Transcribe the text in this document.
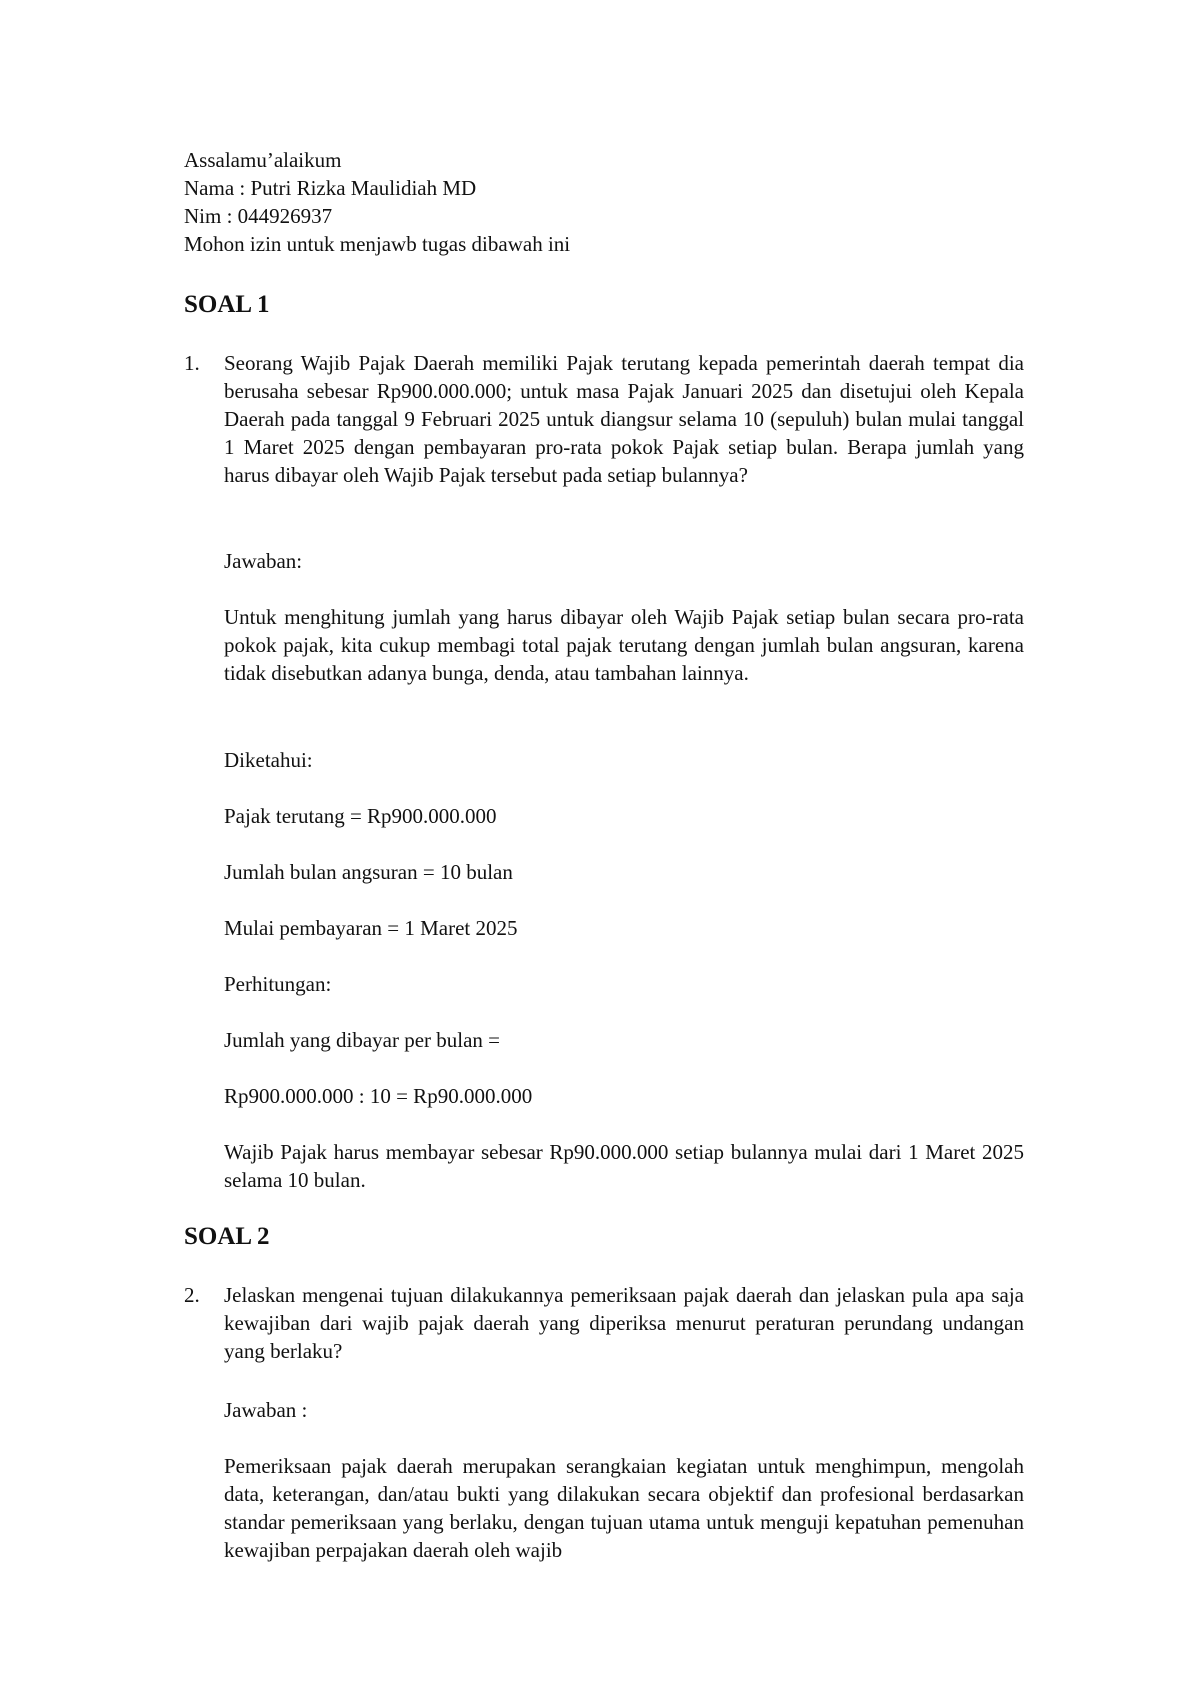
Assalamu’alaikum

Nama : Putri Rizka Maulidiah MD

Nim : 044926937

Mohon izin untuk menjawb tugas dibawah ini

SOAL 1
1. Seorang Wajib Pajak Daerah memiliki Pajak terutang kepada pemerintah daerah tempat dia berusaha sebesar Rp900.000.000; untuk masa Pajak Januari 2025 dan disetujui oleh Kepala Daerah pada tanggal 9 Februari 2025 untuk diangsur selama 10 (sepuluh) bulan mulai tanggal 1 Maret 2025 dengan pembayaran pro-rata pokok Pajak setiap bulan. Berapa jumlah yang harus dibayar oleh Wajib Pajak tersebut pada setiap bulannya?

Jawaban:

Untuk menghitung jumlah yang harus dibayar oleh Wajib Pajak setiap bulan secara pro-rata pokok pajak, kita cukup membagi total pajak terutang dengan jumlah bulan angsuran, karena tidak disebutkan adanya bunga, denda, atau tambahan lainnya.

Diketahui:

Pajak terutang = Rp900.000.000

Jumlah bulan angsuran = 10 bulan

Mulai pembayaran = 1 Maret 2025

Perhitungan:

Jumlah yang dibayar per bulan =

Rp900.000.000 : 10 = Rp90.000.000

Wajib Pajak harus membayar sebesar Rp90.000.000 setiap bulannya mulai dari 1 Maret 2025 selama 10 bulan.

SOAL 2
2. Jelaskan mengenai tujuan dilakukannya pemeriksaan pajak daerah dan jelaskan pula apa saja kewajiban dari wajib pajak daerah yang diperiksa menurut peraturan perundang undangan yang berlaku?

Jawaban :

Pemeriksaan pajak daerah merupakan serangkaian kegiatan untuk menghimpun, mengolah data, keterangan, dan/atau bukti yang dilakukan secara objektif dan profesional berdasarkan standar pemeriksaan yang berlaku, dengan tujuan utama untuk menguji kepatuhan pemenuhan kewajiban perpajakan daerah oleh wajib
